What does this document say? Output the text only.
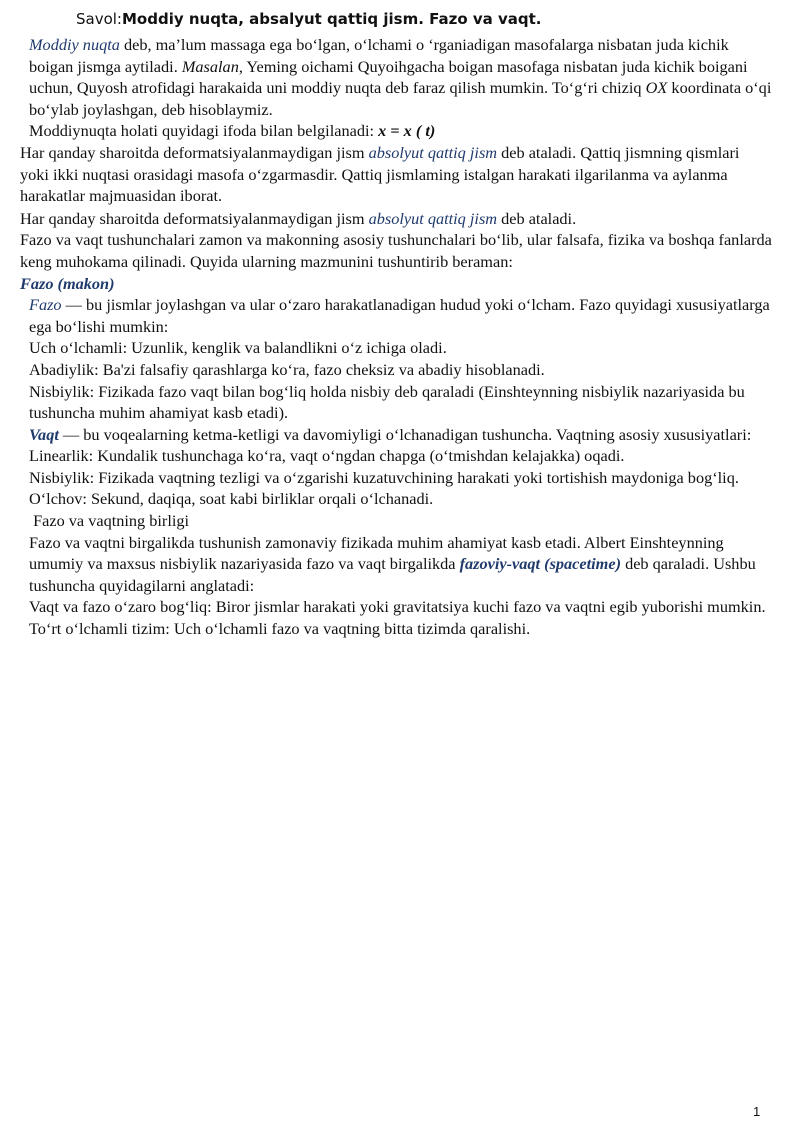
Savol:Moddiy nuqta, absalyut qattiq jism. Fazo va vaqt.

Moddiy nuqta deb, ma’lum massaga ega bo‘lgan, o‘lchami o ‘rganiadigan masofalarga nisbatan juda kichik boigan jismga aytiladi. Masalan, Yeming oichami Quyoihgacha boigan masofaga nisbatan juda kichik boigani uchun, Quyosh atrofidagi harakaida uni moddiy nuqta deb faraz qilish mumkin. To‘g‘ri chiziq OX koordinata o‘qi bo‘ylab joylashgan, deb hisoblaymiz.

Moddiynuqta holati quyidagi ifoda bilan belgilanadi: x = x ( t)

Har qanday sharoitda deformatsiyalanmaydigan jism absolyut qattiq jism deb ataladi. Qattiq jismning qismlari yoki ikki nuqtasi orasidagi masofa o‘zgarmasdir. Qattiq jismlaming istalgan harakati ilgarilanma va aylanma harakatlar majmuasidan iborat.

Har qanday sharoitda deformatsiyalanmaydigan jism absolyut qattiq jism deb ataladi.

Fazo va vaqt tushunchalari zamon va makonning asosiy tushunchalari bo‘lib, ular falsafa, fizika va boshqa fanlarda keng muhokama qilinadi. Quyida ularning mazmunini tushuntirib beraman:

Fazo (makon)

Fazo — bu jismlar joylashgan va ular o‘zaro harakatlanadigan hudud yoki o‘lcham. Fazo quyidagi xususiyatlarga ega bo‘lishi mumkin:

Uch o‘lchamli: Uzunlik, kenglik va balandlikni o‘z ichiga oladi.

Abadiylik: Ba'zi falsafiy qarashlarga ko‘ra, fazo cheksiz va abadiy hisoblanadi.

Nisbiylik: Fizikada fazo vaqt bilan bog‘liq holda nisbiy deb qaraladi (Einshteynning nisbiylik nazariyasida bu tushuncha muhim ahamiyat kasb etadi).

Vaqt — bu voqealarning ketma-ketligi va davomiyligi o‘lchanadigan tushuncha. Vaqtning asosiy xususiyatlari:

Linearlik: Kundalik tushunchaga ko‘ra, vaqt o‘ngdan chapga (o‘tmishdan kelajakka) oqadi.

Nisbiylik: Fizikada vaqtning tezligi va o‘zgarishi kuzatuvchining harakati yoki tortishish maydoniga bog‘liq.

O‘lchov: Sekund, daqiqa, soat kabi birliklar orqali o‘lchanadi.

Fazo va vaqtning birligi

Fazo va vaqtni birgalikda tushunish zamonaviy fizikada muhim ahamiyat kasb etadi. Albert Einshteynning umumiy va maxsus nisbiylik nazariyasida fazo va vaqt birgalikda fazoviy-vaqt (spacetime) deb qaraladi. Ushbu tushuncha quyidagilarni anglatadi:

Vaqt va fazo o‘zaro bog‘liq: Biror jismlar harakati yoki gravitatsiya kuchi fazo va vaqtni egib yuborishi mumkin.

To‘rt o‘lchamli tizim: Uch o‘lchamli fazo va vaqtning bitta tizimda qaralishi.

1
